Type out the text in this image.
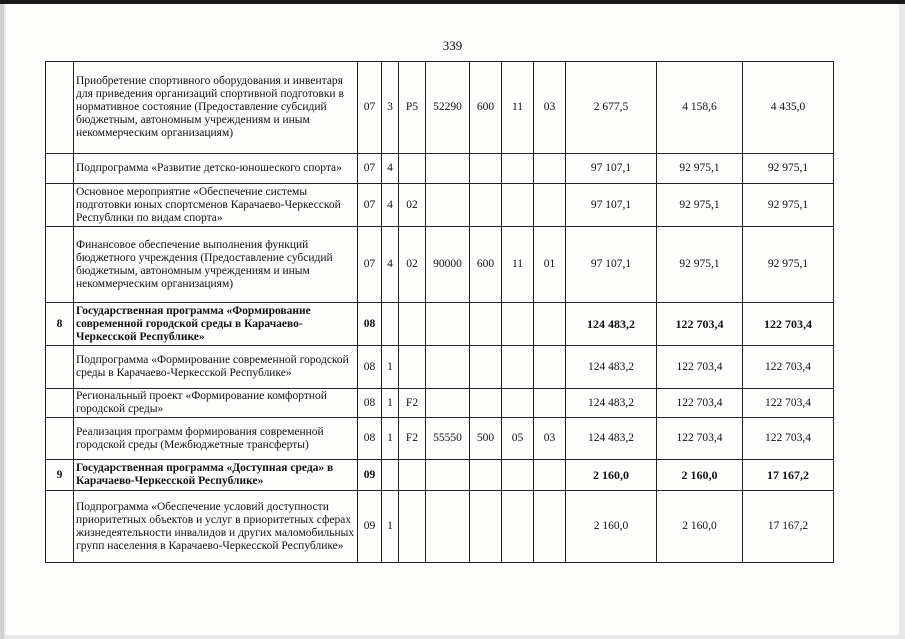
339
	Приобретение спортивного оборудования и инвентаря для приведения организаций спортивной подготовки в нормативное состояние (Предоставление субсидий бюджетным, автономным учреждениям и иным некоммерческим организациям)	07	3	P5	52290	600	11	03	2 677,5	4 158,6	4 435,0
	Подпрограмма «Развитие детско-юношеского спорта»	07	4						97 107,1	92 975,1	92 975,1
	Основное мероприятие «Обеспечение системы подготовки юных спортсменов Карачаево-Черкесской Республики по видам спорта»	07	4	02					97 107,1	92 975,1	92 975,1
	Финансовое обеспечение выполнения функций бюджетного учреждения (Предоставление субсидий бюджетным, автономным учреждениям и иным некоммерческим организациям)	07	4	02	90000	600	11	01	97 107,1	92 975,1	92 975,1
8	Государственная программа «Формирование современной городской среды в Карачаево-Черкесской Республике»	08							124 483,2	122 703,4	122 703,4
	Подпрограмма «Формирование современной городской среды в Карачаево-Черкесской Республике»	08	1						124 483,2	122 703,4	122 703,4
	Региональный проект «Формирование комфортной городской среды»	08	1	F2					124 483,2	122 703,4	122 703,4
	Реализация программ формирования современной городской среды (Межбюджетные трансферты)	08	1	F2	55550	500	05	03	124 483,2	122 703,4	122 703,4
9	Государственная программа «Доступная среда» в Карачаево-Черкесской Республике»	09							2 160,0	2 160,0	17 167,2
	Подпрограмма «Обеспечение условий доступности приоритетных объектов и услуг в приоритетных сферах жизнедеятельности инвалидов и других маломобильных групп населения в Карачаево-Черкесской Республике»	09	1						2 160,0	2 160,0	17 167,2
